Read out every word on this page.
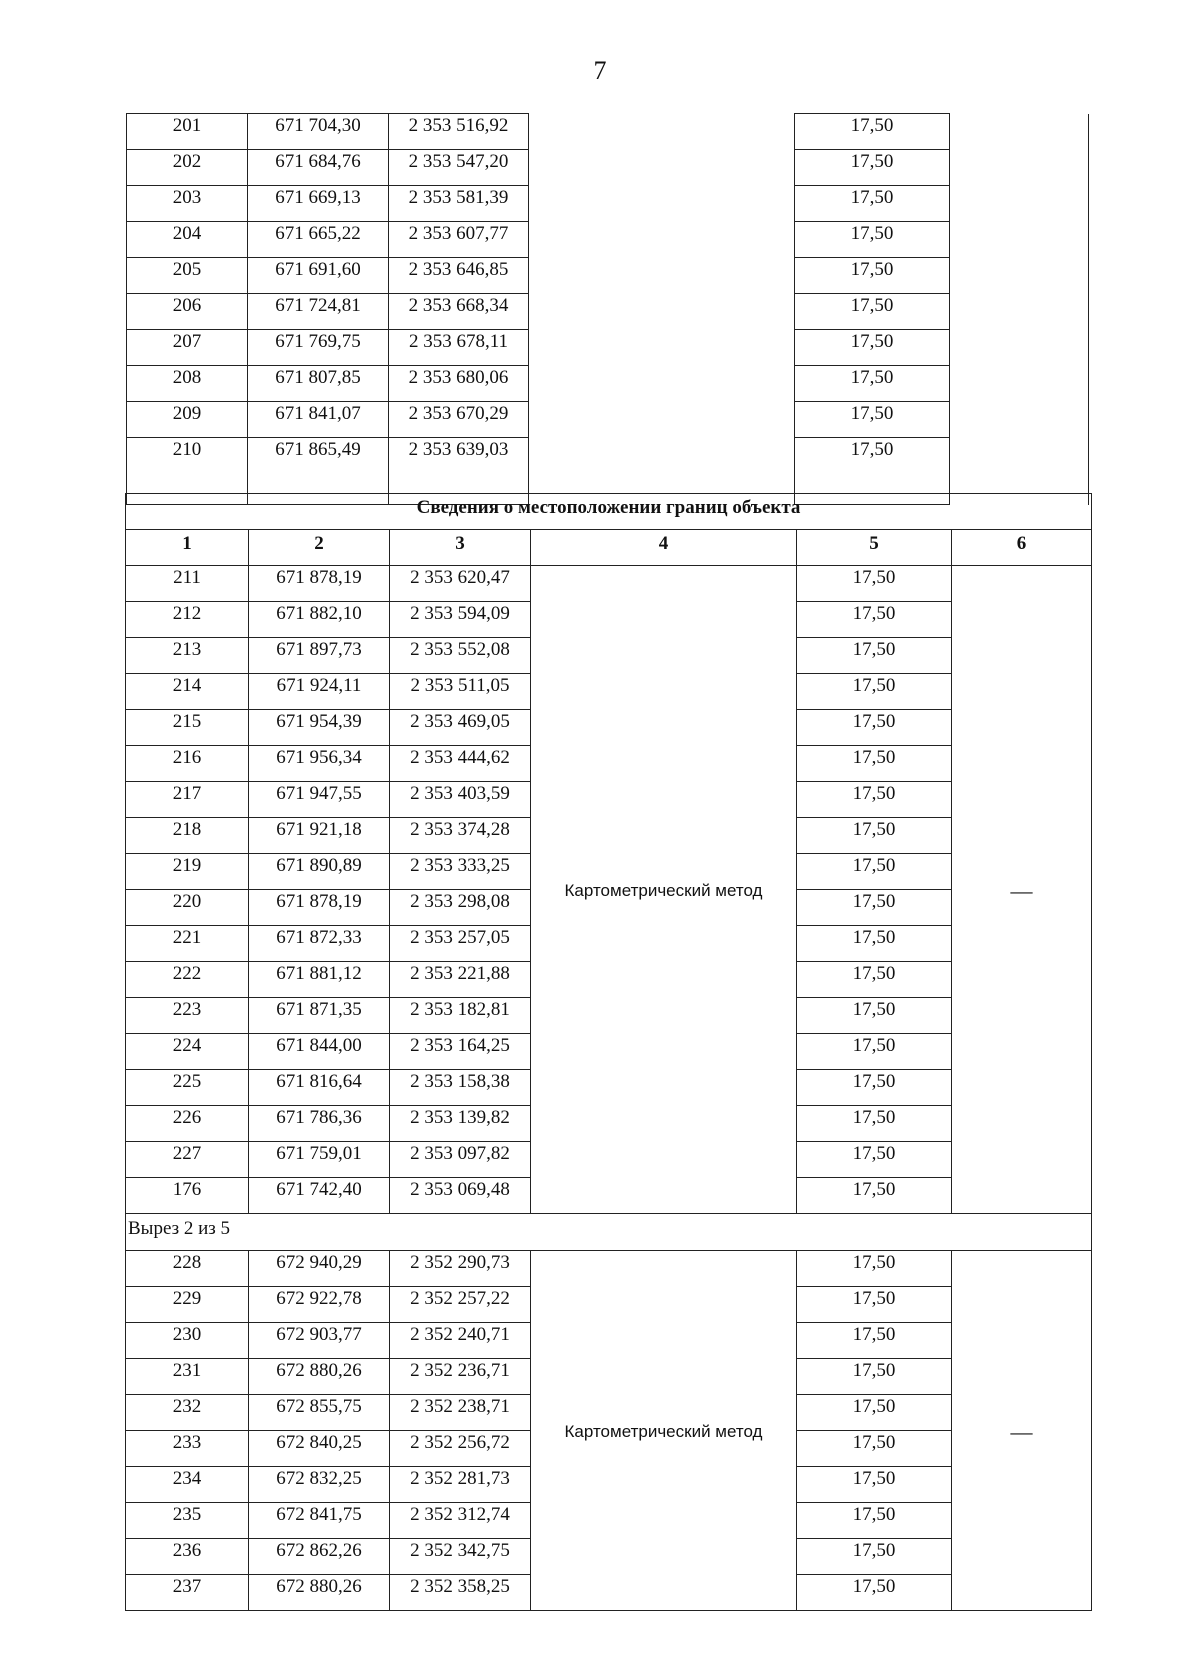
7
201	671 704,30	2 353 516,92		17,50	
202	671 684,76	2 353 547,20		17,50	
203	671 669,13	2 353 581,39		17,50	
204	671 665,22	2 353 607,77		17,50	
205	671 691,60	2 353 646,85		17,50	
206	671 724,81	2 353 668,34		17,50	
207	671 769,75	2 353 678,11		17,50	
208	671 807,85	2 353 680,06		17,50	
209	671 841,07	2 353 670,29		17,50	
210	671 865,49	2 353 639,03		17,50	
Сведения о местоположении границ объекта					
1	2	3	4	5	6
211	671 878,19	2 353 620,47	Картометрический метод	17,50	—
212	671 882,10	2 353 594,09		17,50	
213	671 897,73	2 353 552,08		17,50	
214	671 924,11	2 353 511,05		17,50	
215	671 954,39	2 353 469,05		17,50	
216	671 956,34	2 353 444,62		17,50	
217	671 947,55	2 353 403,59		17,50	
218	671 921,18	2 353 374,28		17,50	
219	671 890,89	2 353 333,25		17,50	
220	671 878,19	2 353 298,08		17,50	
221	671 872,33	2 353 257,05		17,50	
222	671 881,12	2 353 221,88		17,50	
223	671 871,35	2 353 182,81		17,50	
224	671 844,00	2 353 164,25		17,50	
225	671 816,64	2 353 158,38		17,50	
226	671 786,36	2 353 139,82		17,50	
227	671 759,01	2 353 097,82		17,50	
176	671 742,40	2 353 069,48		17,50	
Вырез 2 из 5					
228	672 940,29	2 352 290,73	Картометрический метод	17,50	—
229	672 922,78	2 352 257,22		17,50	
230	672 903,77	2 352 240,71		17,50	
231	672 880,26	2 352 236,71		17,50	
232	672 855,75	2 352 238,71		17,50	
233	672 840,25	2 352 256,72		17,50	
234	672 832,25	2 352 281,73		17,50	
235	672 841,75	2 352 312,74		17,50	
236	672 862,26	2 352 342,75		17,50	
237	672 880,26	2 352 358,25		17,50	
